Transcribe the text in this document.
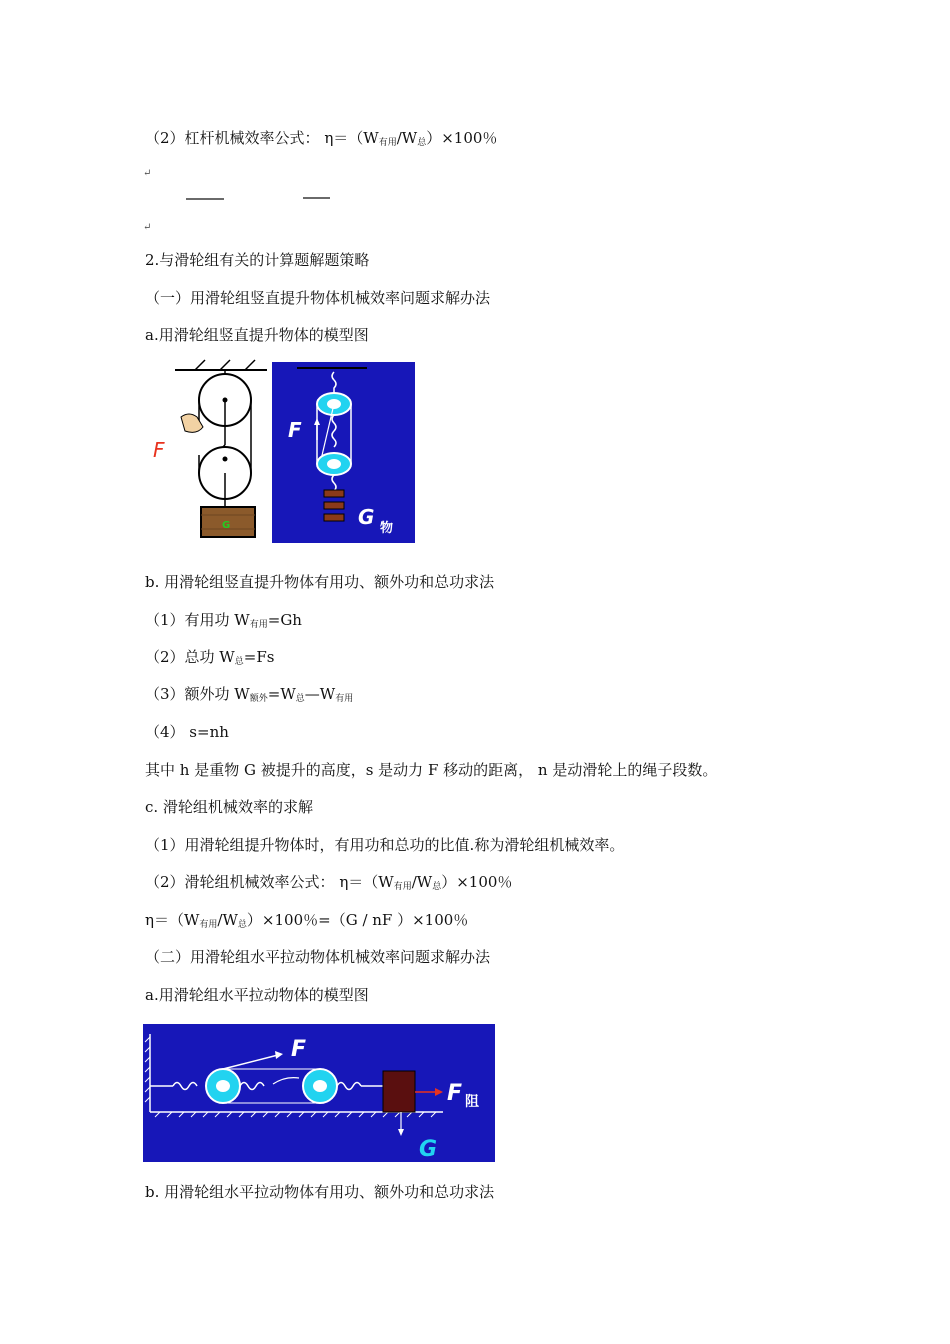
（2）杠杆机械效率公式： $\eta=(W_{有用}/W_总)\times 100$％
↵
↵
2.与滑轮组有关的计算题解题策略
（一）用滑轮组竖直提升物体机械效率问题求解办法
a.用滑轮组竖直提升物体的模型图
F
G
F
G 物
b. 用滑轮组竖直提升物体有用功、额外功和总功求法
（1）有用功 $W_{有用}=Gh$
（2）总功 $W_总=Fs$
（3）额外功 $W_{额外}=W_总—W_{有用}$
（4） s=nh
其中 h 是重物 G 被提升的高度，s 是动力 F 移动的距离， n 是动滑轮上的绳子段数。
c. 滑轮组机械效率的求解
（1）用滑轮组提升物体时，有用功和总功的比值.称为滑轮组机械效率。
（2）滑轮组机械效率公式： $\eta=(W_{有用}/W_总)\times 100$％
$\eta=(W_{有用}/W_总)\times 100$％=（G / nF ）×100％
（二）用滑轮组水平拉动物体机械效率问题求解办法
a.用滑轮组水平拉动物体的模型图
F
F 阻
G
b. 用滑轮组水平拉动物体有用功、额外功和总功求法
